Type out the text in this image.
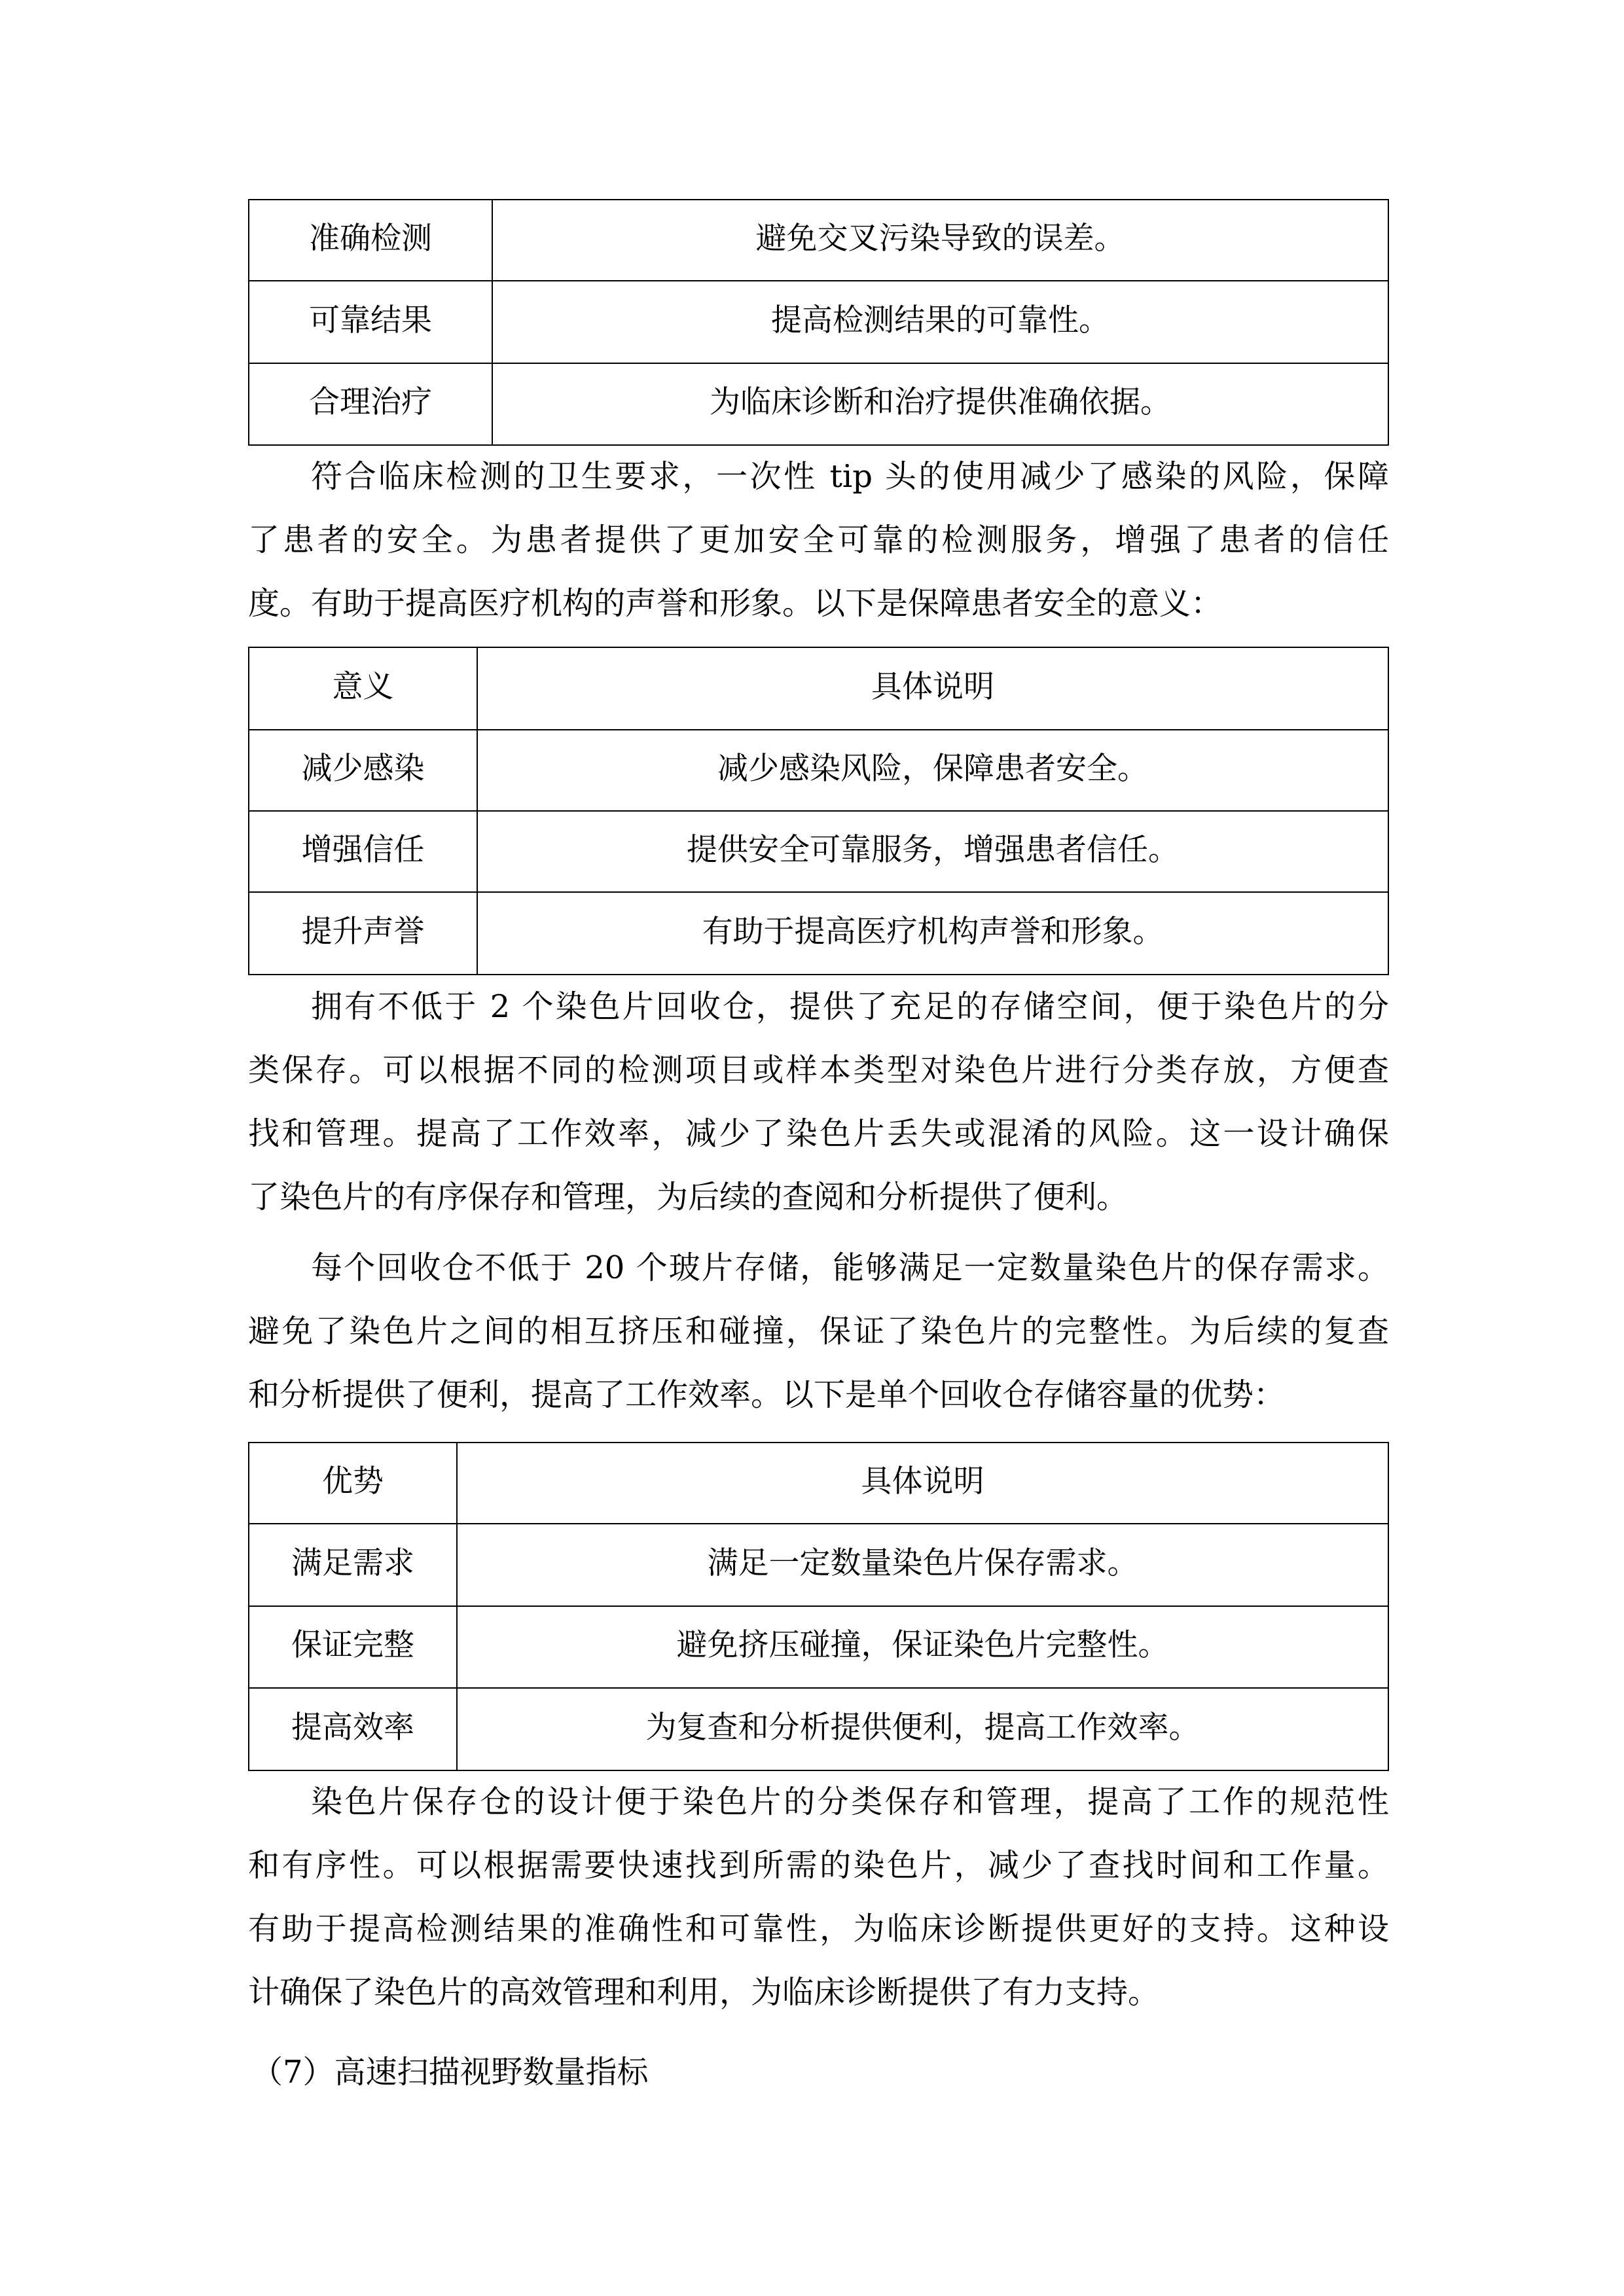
准确检测	避免交叉污染导致的误差。
可靠结果	提高检测结果的可靠性。
合理治疗	为临床诊断和治疗提供准确依据。
符合临床检测的卫生要求，一次性 tip 头的使用减少了感染的风险，保障
了患者的安全。为患者提供了更加安全可靠的检测服务，增强了患者的信任
度。有助于提高医疗机构的声誉和形象。以下是保障患者安全的意义：
意义	具体说明
减少感染	减少感染风险，保障患者安全。
增强信任	提供安全可靠服务，增强患者信任。
提升声誉	有助于提高医疗机构声誉和形象。
拥有不低于 2 个染色片回收仓，提供了充足的存储空间，便于染色片的分
类保存。可以根据不同的检测项目或样本类型对染色片进行分类存放，方便查
找和管理。提高了工作效率，减少了染色片丢失或混淆的风险。这一设计确保
了染色片的有序保存和管理，为后续的查阅和分析提供了便利。
每个回收仓不低于 20 个玻片存储，能够满足一定数量染色片的保存需求。
避免了染色片之间的相互挤压和碰撞，保证了染色片的完整性。为后续的复查
和分析提供了便利，提高了工作效率。以下是单个回收仓存储容量的优势：
优势	具体说明
满足需求	满足一定数量染色片保存需求。
保证完整	避免挤压碰撞，保证染色片完整性。
提高效率	为复查和分析提供便利，提高工作效率。
染色片保存仓的设计便于染色片的分类保存和管理，提高了工作的规范性
和有序性。可以根据需要快速找到所需的染色片，减少了查找时间和工作量。
有助于提高检测结果的准确性和可靠性，为临床诊断提供更好的支持。这种设
计确保了染色片的高效管理和利用，为临床诊断提供了有力支持。
（7）高速扫描视野数量指标
